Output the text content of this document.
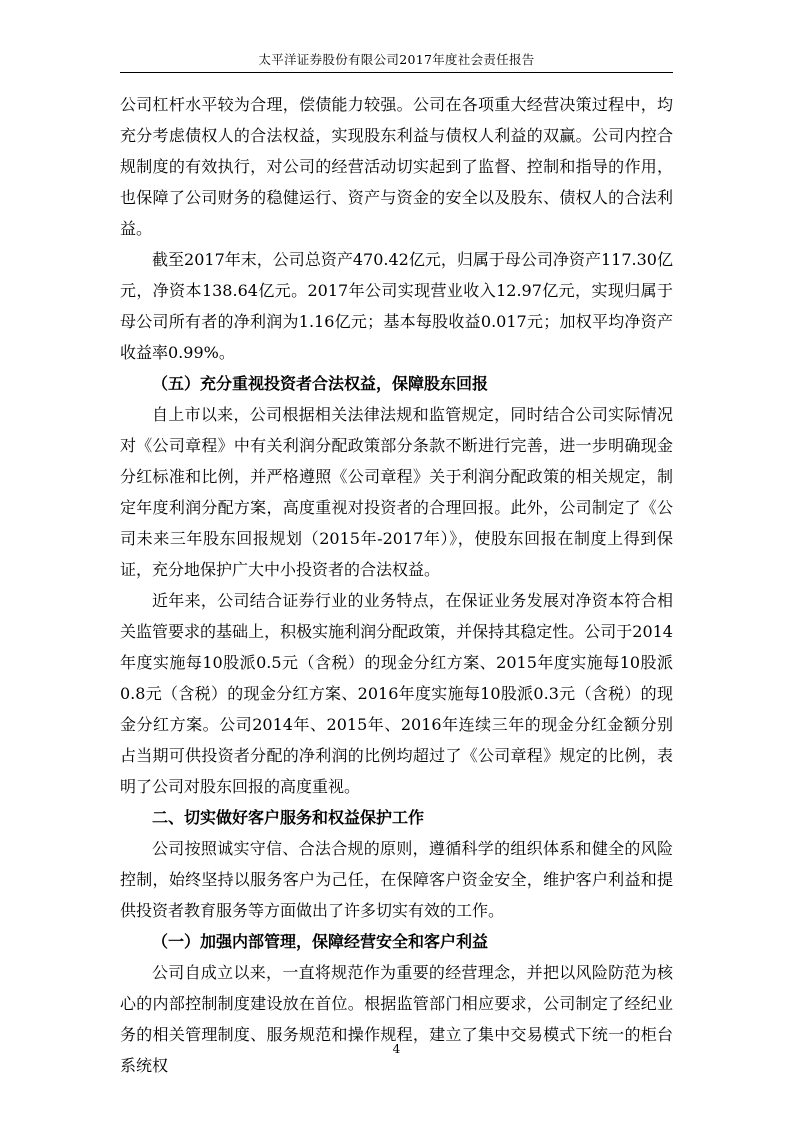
太平洋证券股份有限公司2017年度社会责任报告

公司杠杆水平较为合理，偿债能力较强。公司在各项重大经营决策过程中，均充分考虑债权人的合法权益，实现股东利益与债权人利益的双赢。公司内控合规制度的有效执行，对公司的经营活动切实起到了监督、控制和指导的作用，也保障了公司财务的稳健运行、资产与资金的安全以及股东、债权人的合法利益。

截至2017年末，公司总资产470.42亿元，归属于母公司净资产117.30亿元，净资本138.64亿元。2017年公司实现营业收入12.97亿元，实现归属于母公司所有者的净利润为1.16亿元；基本每股收益0.017元；加权平均净资产收益率0.99%。

（五）充分重视投资者合法权益，保障股东回报

自上市以来，公司根据相关法律法规和监管规定，同时结合公司实际情况对《公司章程》中有关利润分配政策部分条款不断进行完善，进一步明确现金分红标准和比例，并严格遵照《公司章程》关于利润分配政策的相关规定，制定年度利润分配方案，高度重视对投资者的合理回报。此外，公司制定了《公司未来三年股东回报规划（2015年-2017年）》，使股东回报在制度上得到保证，充分地保护广大中小投资者的合法权益。

近年来，公司结合证券行业的业务特点，在保证业务发展对净资本符合相关监管要求的基础上，积极实施利润分配政策，并保持其稳定性。公司于2014年度实施每10股派0.5元（含税）的现金分红方案、2015年度实施每10股派0.8元（含税）的现金分红方案、2016年度实施每10股派0.3元（含税）的现金分红方案。公司2014年、2015年、2016年连续三年的现金分红金额分别占当期可供投资者分配的净利润的比例均超过了《公司章程》规定的比例，表明了公司对股东回报的高度重视。

二、切实做好客户服务和权益保护工作

公司按照诚实守信、合法合规的原则，遵循科学的组织体系和健全的风险控制，始终坚持以服务客户为己任，在保障客户资金安全，维护客户利益和提供投资者教育服务等方面做出了许多切实有效的工作。

（一）加强内部管理，保障经营安全和客户利益

公司自成立以来，一直将规范作为重要的经营理念，并把以风险防范为核心的内部控制制度建设放在首位。根据监管部门相应要求，公司制定了经纪业务的相关管理制度、服务规范和操作规程，建立了集中交易模式下统一的柜台系统权

4
